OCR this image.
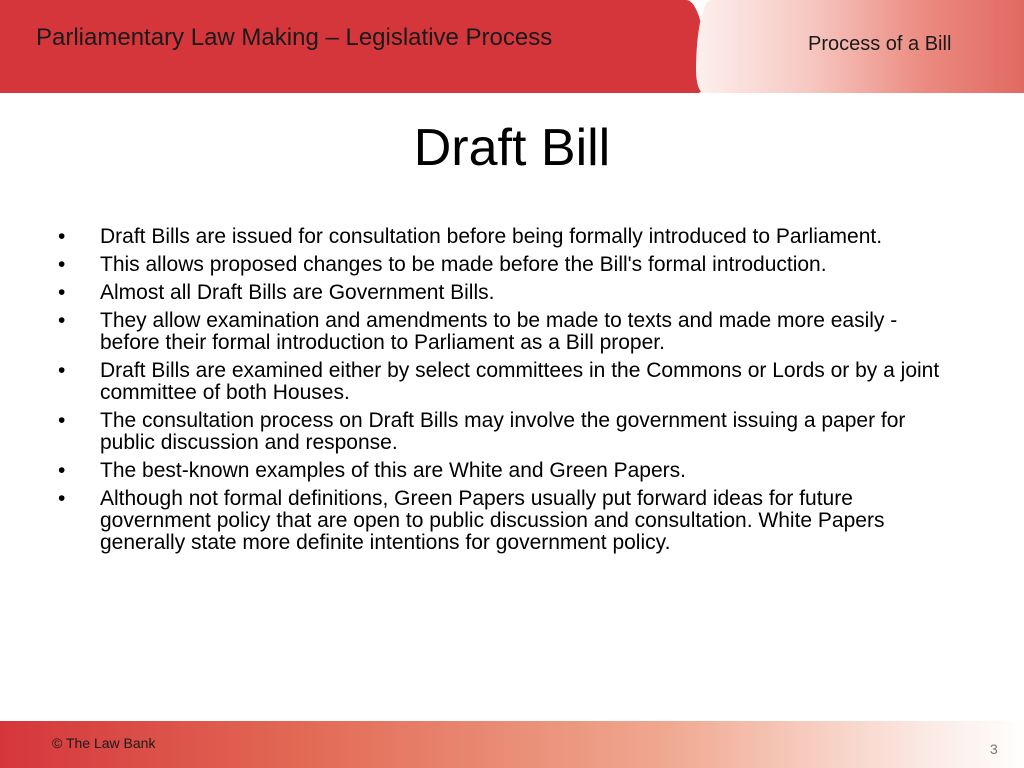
Parliamentary Law Making – Legislative Process	Process of a Bill
Draft Bill
• Draft Bills are issued for consultation before being formally introduced to Parliament.
• This allows proposed changes to be made before the Bill's formal introduction.
• Almost all Draft Bills are Government Bills.
• They allow examination and amendments to be made to texts and made more easily - before their formal introduction to Parliament as a Bill proper.
• Draft Bills are examined either by select committees in the Commons or Lords or by a joint committee of both Houses.
• The consultation process on Draft Bills may involve the government issuing a paper for public discussion and response.
• The best-known examples of this are White and Green Papers.
• Although not formal definitions, Green Papers usually put forward ideas for future government policy that are open to public discussion and consultation. White Papers generally state more definite intentions for government policy.
© The Law Bank	3
